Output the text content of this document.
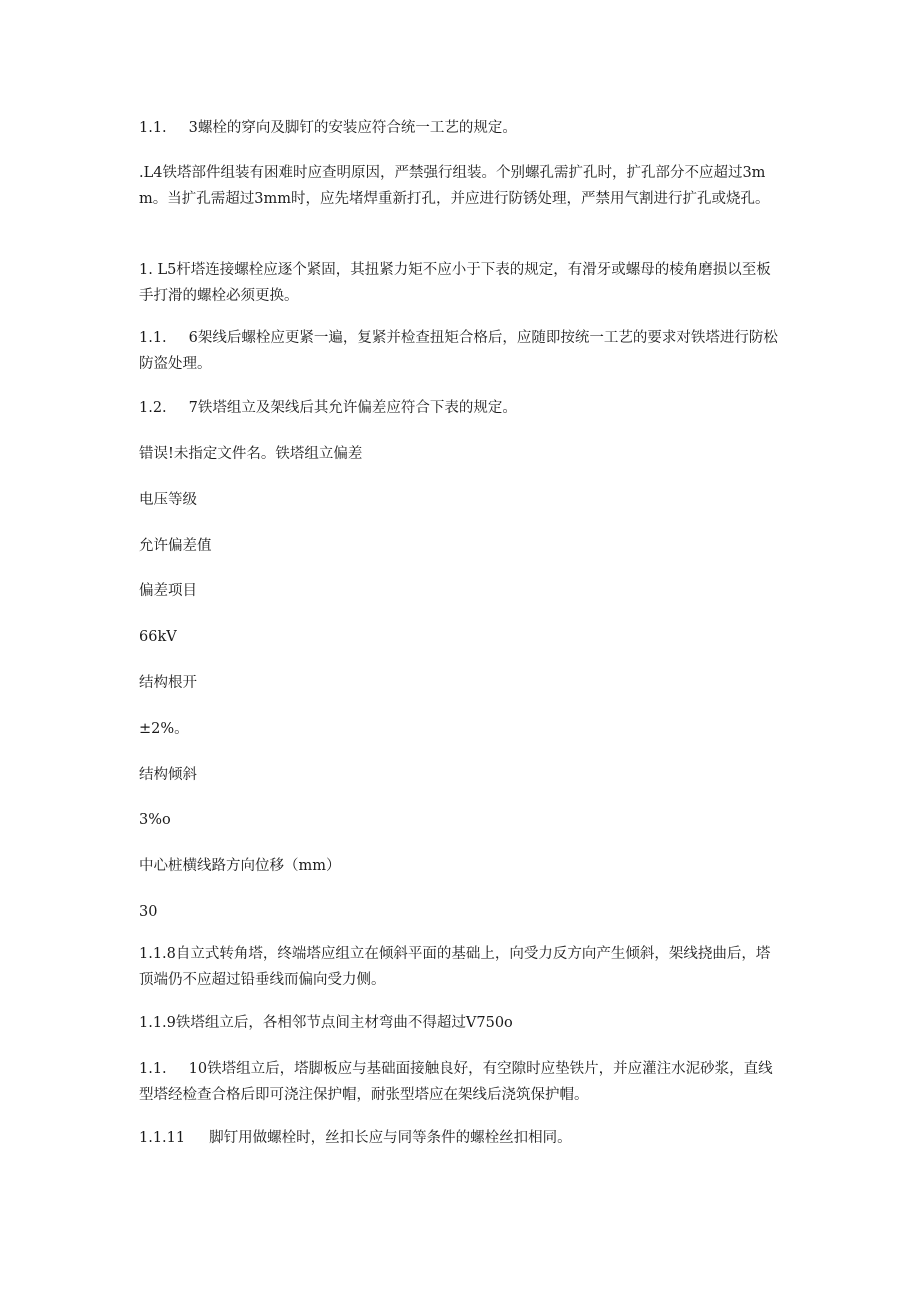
1.1. 3螺栓的穿向及脚钉的安装应符合统一工艺的规定。
.L4铁塔部件组装有困难时应查明原因，严禁强行组装。个别螺孔需扩孔时，扩孔部分不应超过3mm。当扩孔需超过3mm时，应先堵焊重新打孔，并应进行防锈处理，严禁用气割进行扩孔或烧孔。
1. L5杆塔连接螺栓应逐个紧固，其扭紧力矩不应小于下表的规定，有滑牙或螺母的棱角磨损以至板手打滑的螺栓必须更换。
1.1. 6架线后螺栓应更紧一遍，复紧并检查扭矩合格后，应随即按统一工艺的要求对铁塔进行防松防盗处理。
1.2. 7铁塔组立及架线后其允许偏差应符合下表的规定。
错误!未指定文件名。铁塔组立偏差
电压等级
允许偏差值
偏差项目
66kV
结构根开
±2%。
结构倾斜
3%o
中心桩横线路方向位移（mm）
30
1.1.8自立式转角塔，终端塔应组立在倾斜平面的基础上，向受力反方向产生倾斜，架线挠曲后，塔顶端仍不应超过铅垂线而偏向受力侧。
1.1.9铁塔组立后，各相邻节点间主材弯曲不得超过V750o
1.1. 10铁塔组立后，塔脚板应与基础面接触良好，有空隙时应垫铁片，并应灌注水泥砂浆，直线型塔经检查合格后即可浇注保护帽，耐张型塔应在架线后浇筑保护帽。
1.1.11 脚钉用做螺栓时，丝扣长应与同等条件的螺栓丝扣相同。
